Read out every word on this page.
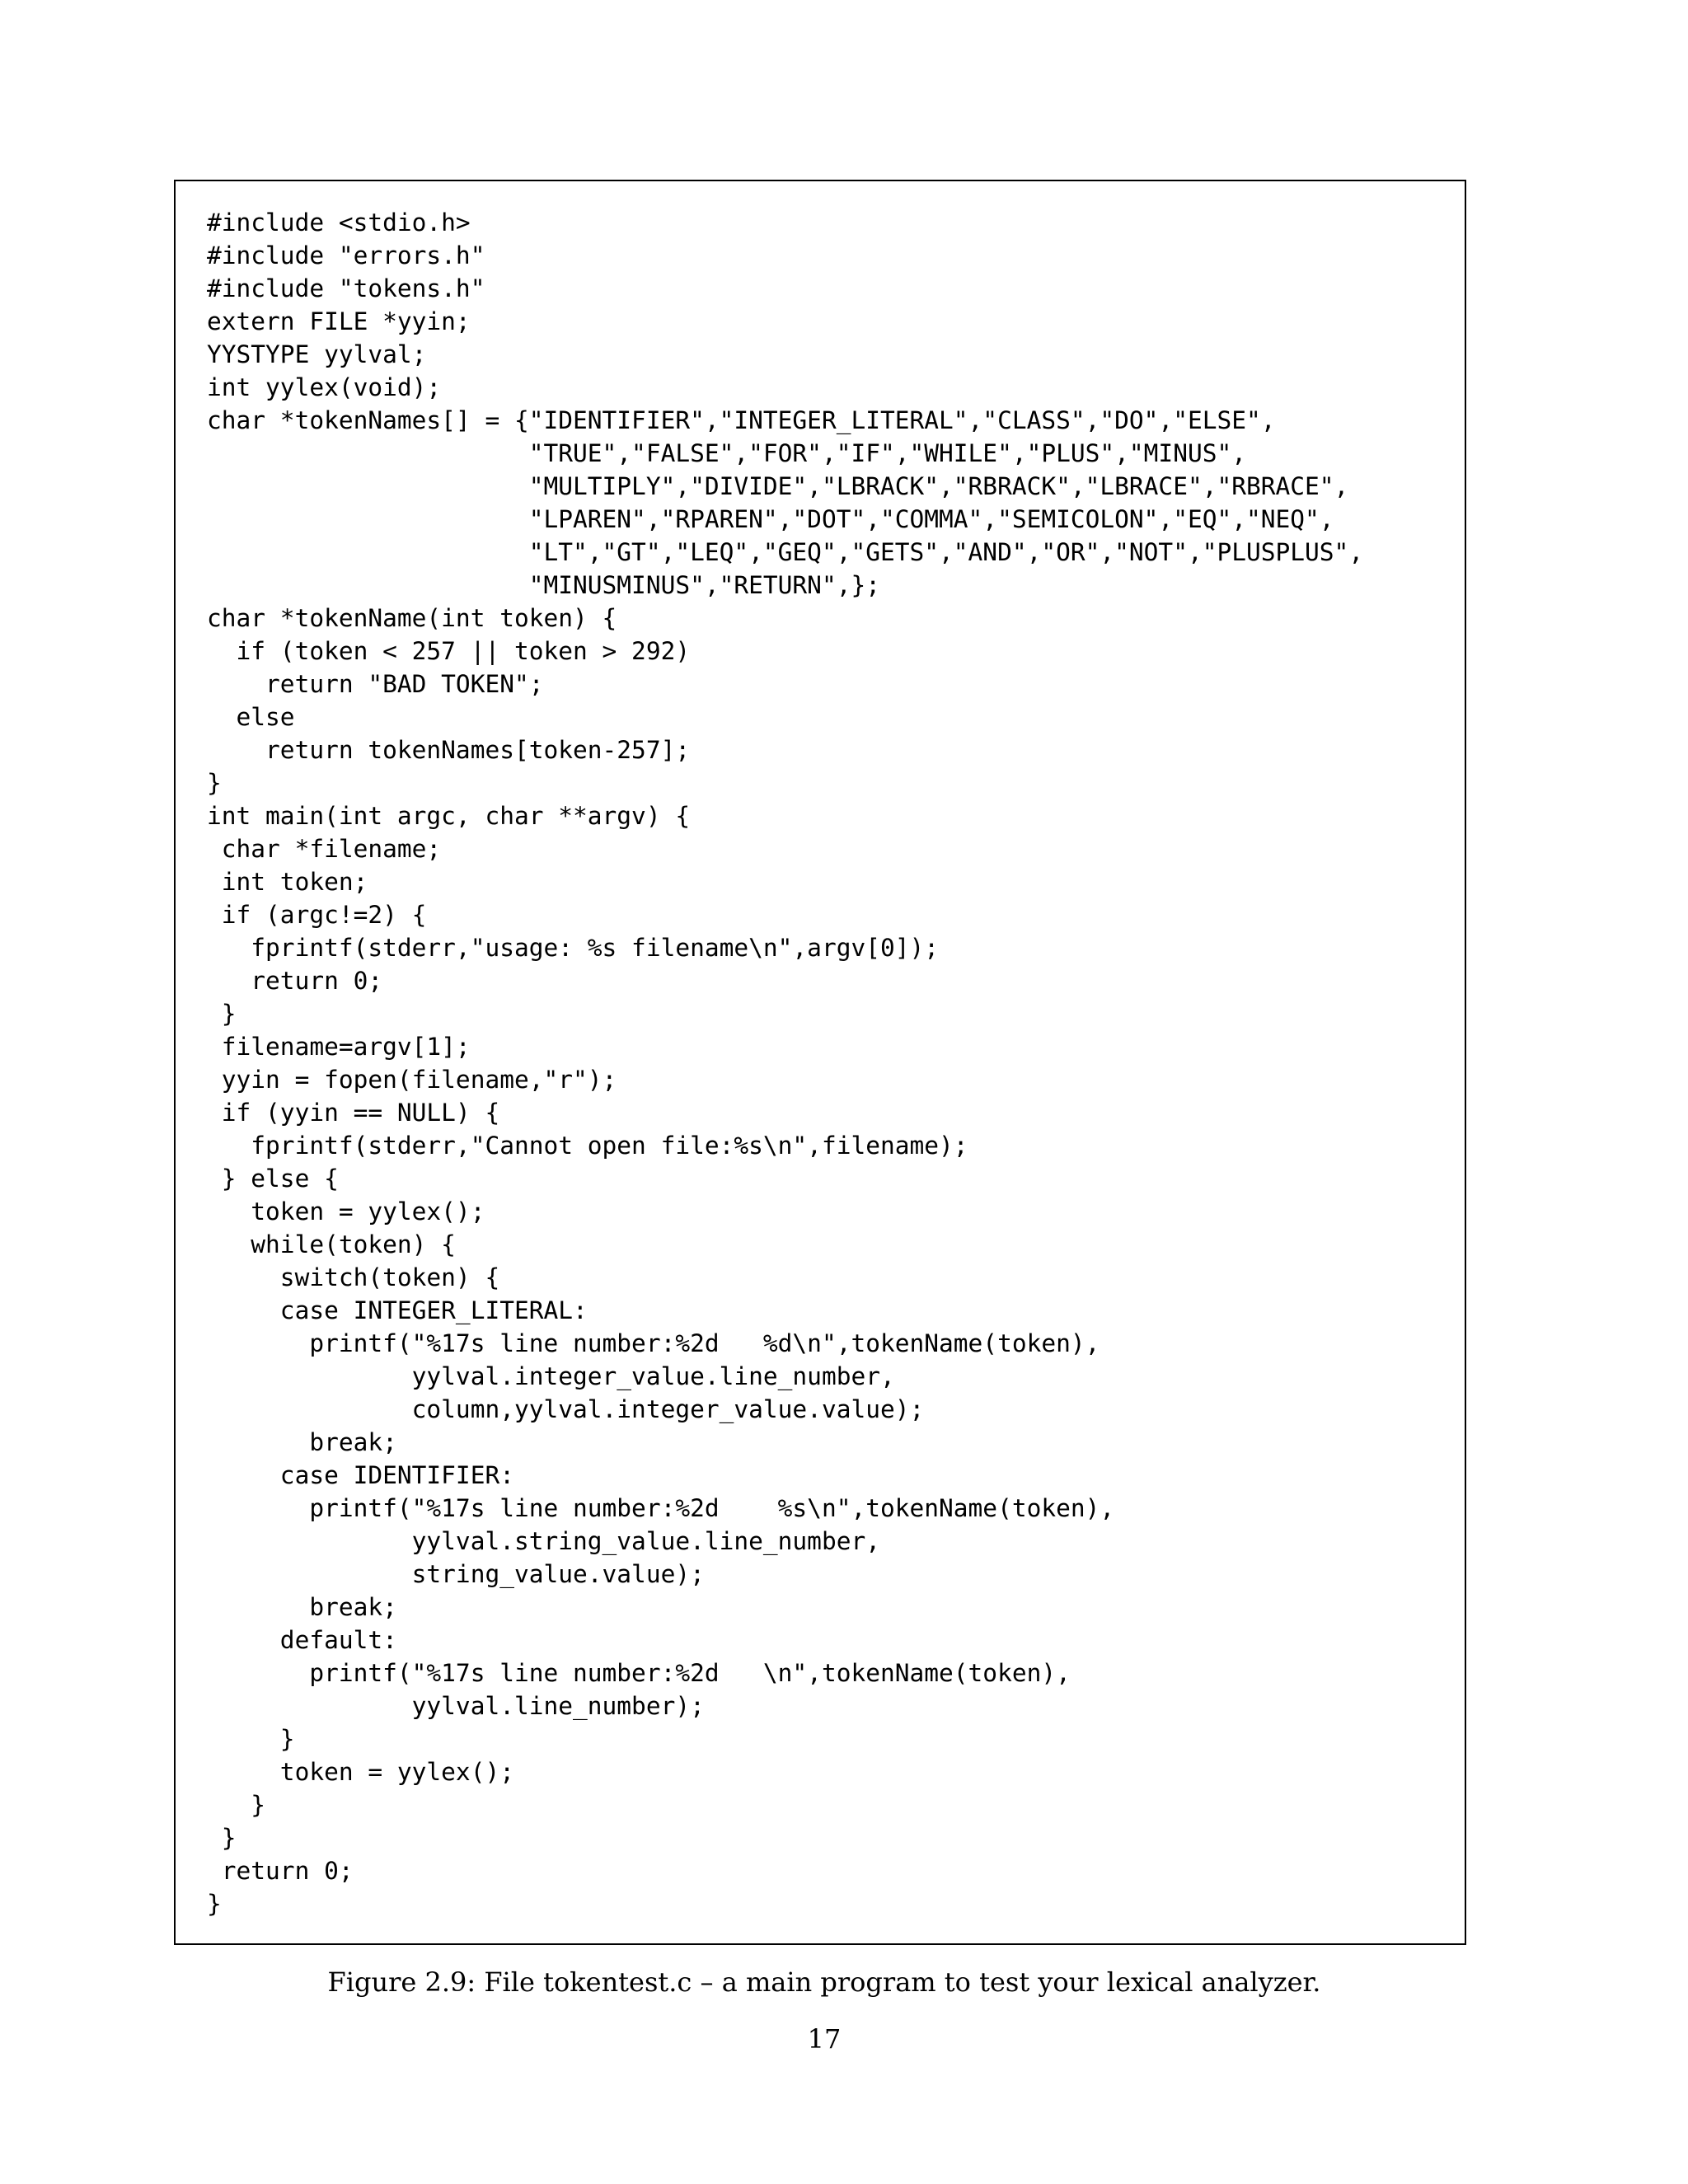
#include <stdio.h>
#include "errors.h"
#include "tokens.h"
extern FILE *yyin;
YYSTYPE yylval;
int yylex(void);
char *tokenNames[] = {"IDENTIFIER","INTEGER_LITERAL","CLASS","DO","ELSE",
"TRUE","FALSE","FOR","IF","WHILE","PLUS","MINUS",
"MULTIPLY","DIVIDE","LBRACK","RBRACK","LBRACE","RBRACE",
"LPAREN","RPAREN","DOT","COMMA","SEMICOLON","EQ","NEQ",
"LT","GT","LEQ","GEQ","GETS","AND","OR","NOT","PLUSPLUS",
"MINUSMINUS","RETURN",};
char *tokenName(int token) {
if (token < 257 || token > 292)
return "BAD TOKEN";
else
return tokenNames[token-257];
}
int main(int argc, char **argv) {
char *filename;
int token;
if (argc!=2) {
fprintf(stderr,"usage: %s filename\n",argv[0]);
return 0;
}
filename=argv[1];
yyin = fopen(filename,"r");
if (yyin == NULL) {
fprintf(stderr,"Cannot open file:%s\n",filename);
} else {
token = yylex();
while(token) {
switch(token) {
case INTEGER_LITERAL:
printf("%17s line number:%2d   %d\n",tokenName(token),
yylval.integer_value.line_number,
column,yylval.integer_value.value);
break;
case IDENTIFIER:
printf("%17s line number:%2d    %s\n",tokenName(token),
yylval.string_value.line_number,
string_value.value);
break;
default:
printf("%17s line number:%2d   \n",tokenName(token),
yylval.line_number);
}
token = yylex();
}
}
return 0;
}
Figure 2.9: File tokentest.c – a main program to test your lexical analyzer.
17
